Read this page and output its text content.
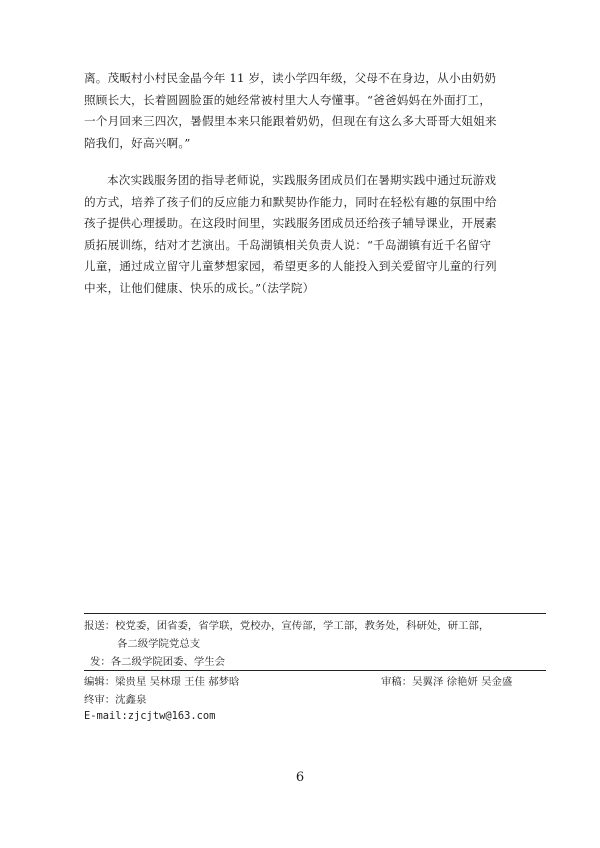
离。茂畈村小村民金晶今年 11 岁，读小学四年级，父母不在身边，从小由奶奶
照顾长大，长着圆圆脸蛋的她经常被村里大人夸懂事。“爸爸妈妈在外面打工，
一个月回来三四次，暑假里本来只能跟着奶奶，但现在有这么多大哥哥大姐姐来
陪我们，好高兴啊。”
本次实践服务团的指导老师说，实践服务团成员们在暑期实践中通过玩游戏
的方式，培养了孩子们的反应能力和默契协作能力，同时在轻松有趣的氛围中给
孩子提供心理援助。在这段时间里，实践服务团成员还给孩子辅导课业，开展素
质拓展训练，结对才艺演出。千岛湖镇相关负责人说：“千岛湖镇有近千名留守
儿童，通过成立留守儿童梦想家园，希望更多的人能投入到关爱留守儿童的行列
中来，让他们健康、快乐的成长。”（法学院）
报送：校党委，团省委，省学联，党校办，宣传部，学工部，教务处，科研处，研工部，
各二级学院党总支
发：各二级学院团委、学生会
编辑：梁贵星 吴林璟 王佳 郝梦晗	审稿：吴翼泽 徐艳妍 吴金盛
终审：沈鑫泉
E-mail:zjcjtw@163.com
6
